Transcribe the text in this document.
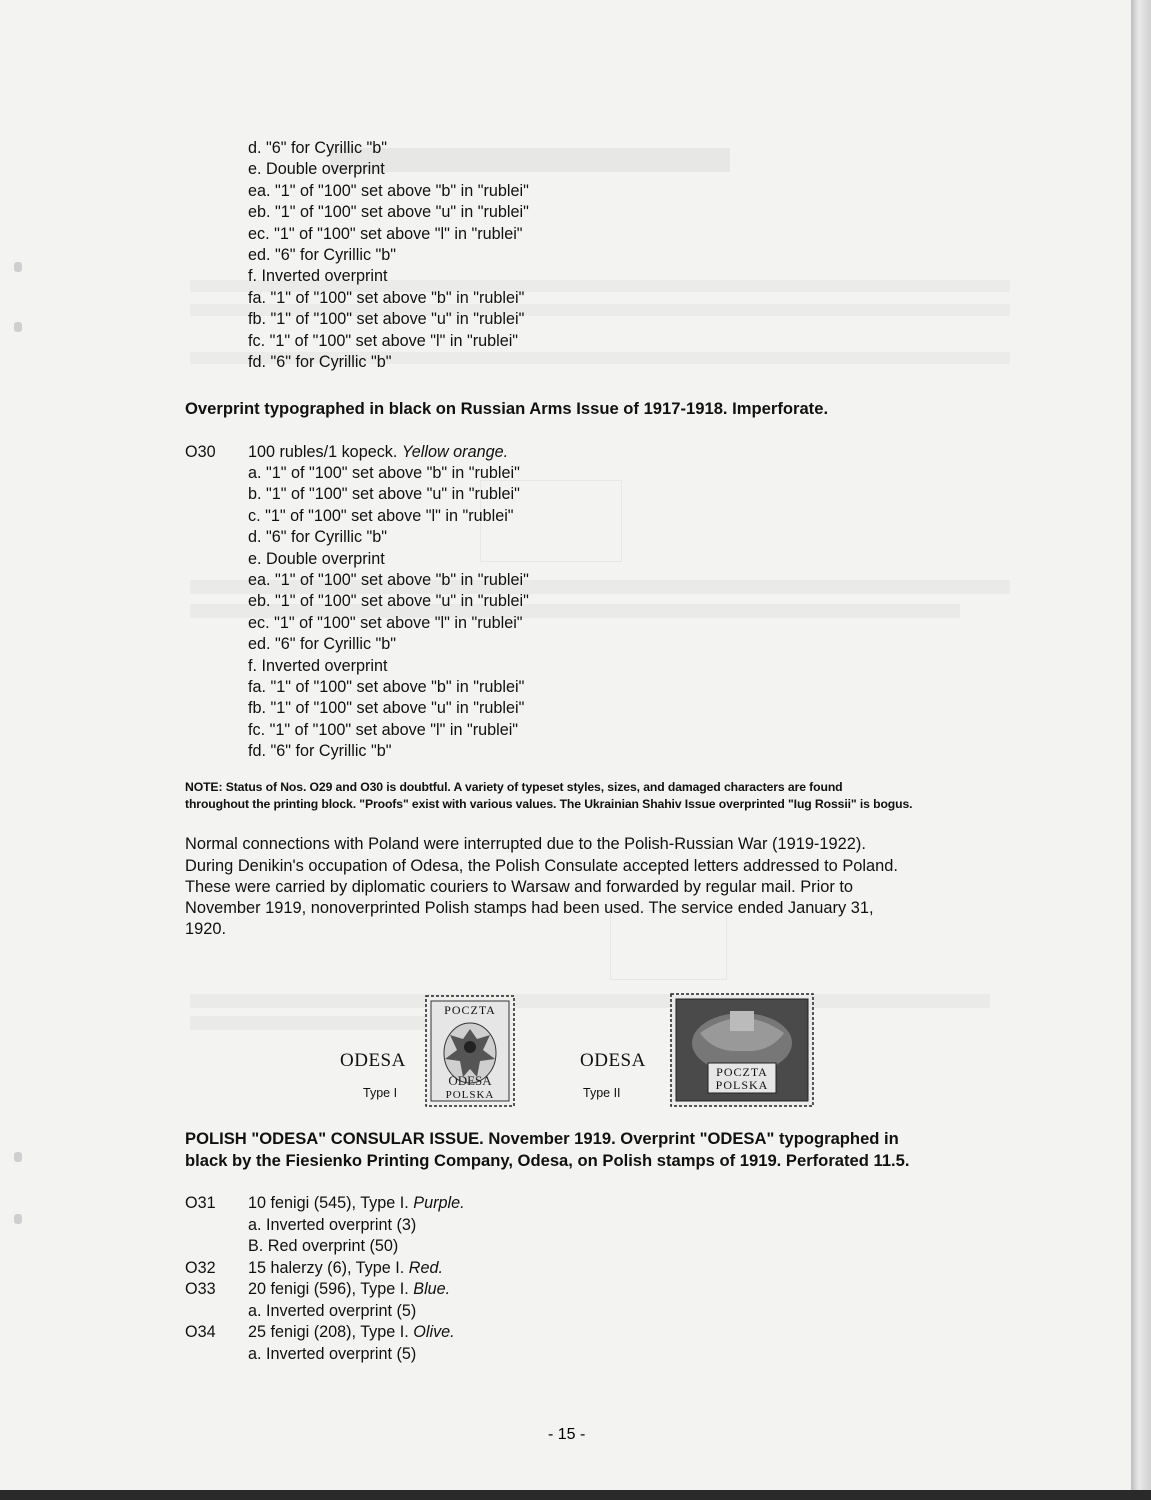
d. "6" for Cyrillic "b"
e. Double overprint
ea. "1" of "100" set above "b" in "rublei"
eb. "1" of "100" set above "u" in "rublei"
ec. "1" of "100" set above "l" in "rublei"
ed. "6" for Cyrillic "b"
f. Inverted overprint
fa. "1" of "100" set above "b" in "rublei"
fb. "1" of "100" set above "u" in "rublei"
fc. "1" of "100" set above "l" in "rublei"
fd. "6" for Cyrillic "b"
Overprint typographed in black on Russian Arms Issue of 1917-1918. Imperforate.
O30 100 rubles/1 kopeck. Yellow orange.
a. "1" of "100" set above "b" in "rublei"
b. "1" of "100" set above "u" in "rublei"
c. "1" of "100" set above "l" in "rublei"
d. "6" for Cyrillic "b"
e. Double overprint
ea. "1" of "100" set above "b" in "rublei"
eb. "1" of "100" set above "u" in "rublei"
ec. "1" of "100" set above "l" in "rublei"
ed. "6" for Cyrillic "b"
f. Inverted overprint
fa. "1" of "100" set above "b" in "rublei"
fb. "1" of "100" set above "u" in "rublei"
fc. "1" of "100" set above "l" in "rublei"
fd. "6" for Cyrillic "b"
NOTE: Status of Nos. O29 and O30 is doubtful. A variety of typeset styles, sizes, and damaged characters are found
throughout the printing block. "Proofs" exist with various values. The Ukrainian Shahiv Issue overprinted "Iug Rossii" is bogus.
Normal connections with Poland were interrupted due to the Polish-Russian War (1919-1922).
During Denikin's occupation of Odesa, the Polish Consulate accepted letters addressed to Poland.
These were carried by diplomatic couriers to Warsaw and forwarded by regular mail. Prior to
November 1919, nonoverprinted Polish stamps had been used. The service ended January 31,
1920.
ODESA
Type I
POCZTA
ODESA
POLSKA
ODESA
Type II
POCZTA
POLSKA
POLISH "ODESA" CONSULAR ISSUE. November 1919. Overprint "ODESA" typographed in
black by the Fiesienko Printing Company, Odesa, on Polish stamps of 1919. Perforated 11.5.
O31 10 fenigi (545), Type I. Purple.
a. Inverted overprint (3)
B. Red overprint (50)
O32 15 halerzy (6), Type I. Red.
O33 20 fenigi (596), Type I. Blue.
a. Inverted overprint (5)
O34 25 fenigi (208), Type I. Olive.
a. Inverted overprint (5)
- 15 -
